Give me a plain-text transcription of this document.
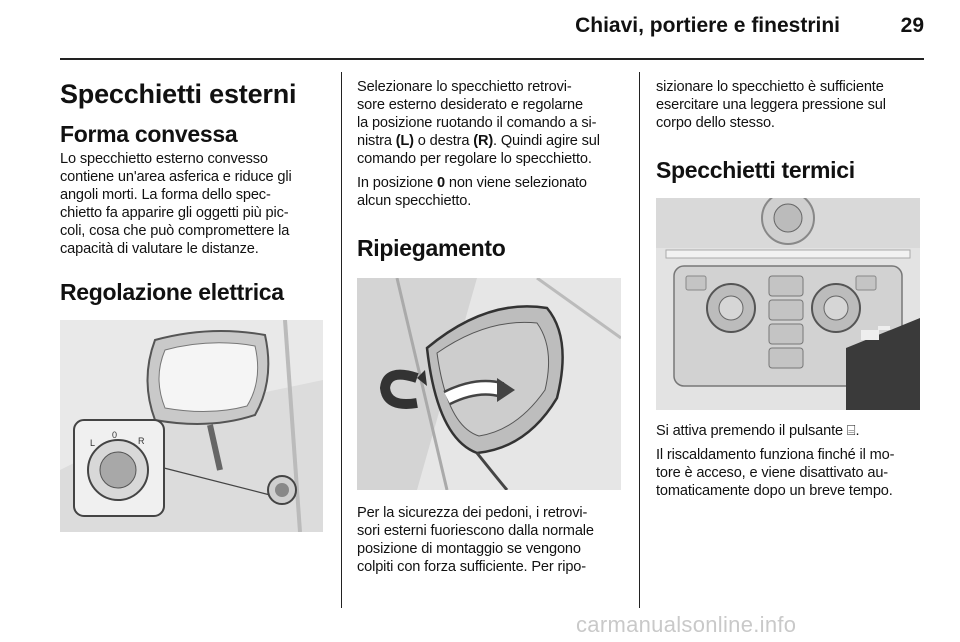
Chiavi, portiere e finestrini	29
Specchietti esterni
Forma convessa

Lo specchietto esterno convesso
contiene un'area asferica e riduce gli
angoli morti. La forma dello spec-
chietto fa apparire gli oggetti più pic-
coli, cosa che può compromettere la
capacità di valutare le distanze.

Regolazione elettrica
L
0
R

Selezionare lo specchietto retrovi-
sore esterno desiderato e regolarne
la posizione ruotando il comando a si-
nistra (L) o destra (R). Quindi agire sul
comando per regolare lo specchietto.

In posizione 0 non viene selezionato
alcun specchietto.

Ripiegamento

Per la sicurezza dei pedoni, i retrovi-
sori esterni fuoriescono dalla normale
posizione di montaggio se vengono
colpiti con forza sufficiente. Per ripo-

sizionare lo specchietto è sufficiente
esercitare una leggera pressione sul
corpo dello stesso.

Specchietti termici

Si attiva premendo il pulsante ⌸.

Il riscaldamento funziona finché il mo-
tore è acceso, e viene disattivato au-
tomaticamente dopo un breve tempo.

carmanualsonline.info
